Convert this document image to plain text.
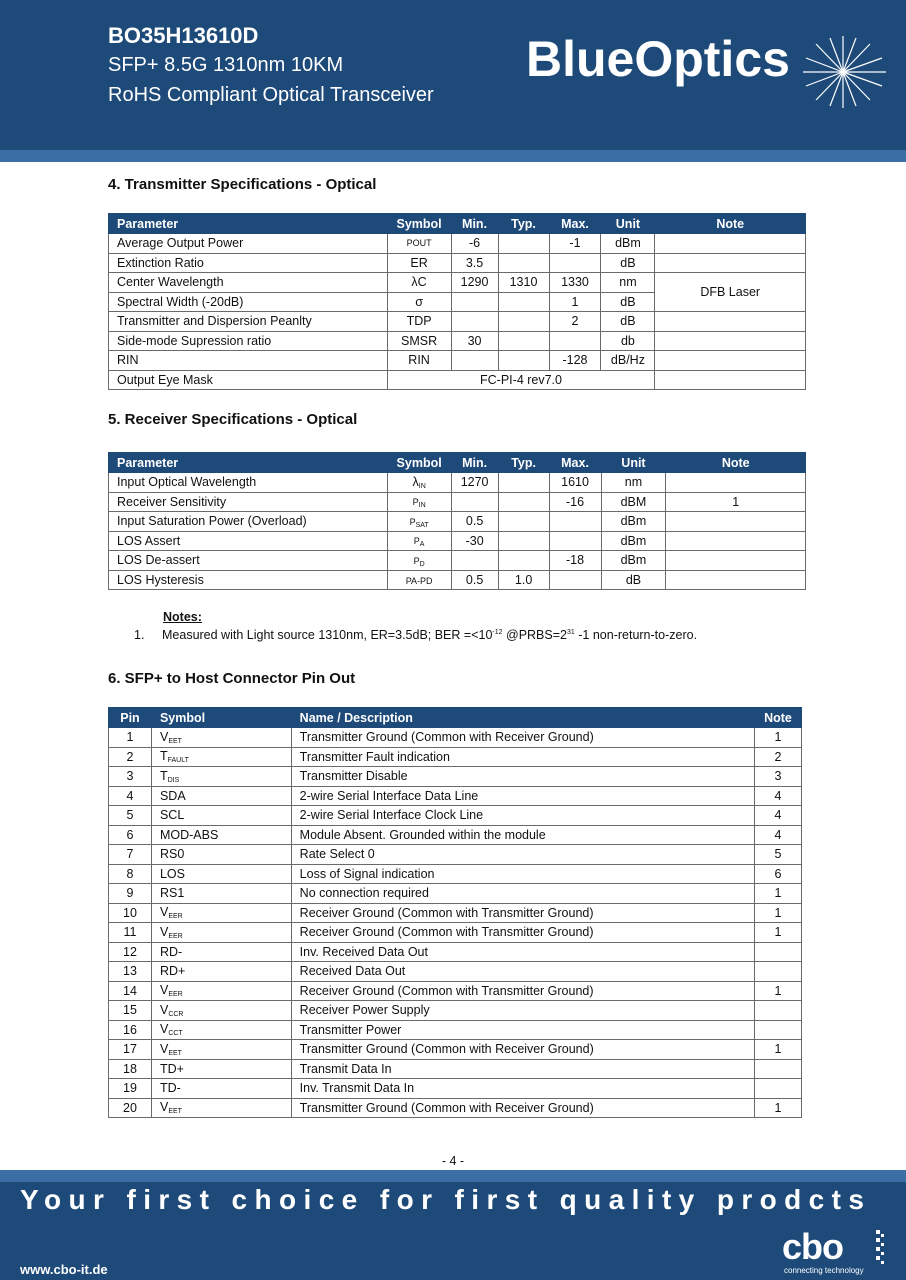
BO35H13610D
SFP+ 8.5G 1310nm 10KM
RoHS Compliant Optical Transceiver
BlueOptics
4. Transmitter Specifications - Optical
Parameter	Symbol	Min.	Typ.	Max.	Unit	Note
Average Output Power	POUT	-6		-1	dBm	
Extinction Ratio	ER	3.5			dB	
Center Wavelength	λC	1290	1310	1330	nm	DFB Laser
Spectral Width (-20dB)	σ			1	dB	
Transmitter and Dispersion Peanlty	TDP			2	dB	
Side-mode Supression ratio	SMSR	30			db	
RIN	RIN			-128	dB/Hz	
Output Eye Mask	FC-PI-4 rev7.0					
5. Receiver Specifications - Optical
Parameter	Symbol	Min.	Typ.	Max.	Unit	Note
Input Optical Wavelength	$\lambda_{IN}$	1270		1610	nm	
Receiver Sensitivity	$P_{IN}$			-16	dBM	1
Input Saturation Power (Overload)	$P_{SAT}$	0.5			dBm	
LOS Assert	$P_A$	-30			dBm	
LOS De-assert	$P_D$			-18	dBm	
LOS Hysteresis	PA-PD	0.5	1.0		dB	
Notes:
1. Measured with Light source 1310nm, ER=3.5dB; BER $=<10^{-12}$ $@PRBS=2^{31}$ -1 non-return-to-zero.
6. SFP+ to Host Connector Pin Out
Pin	Symbol	Name / Description	Note
1	$V_{EET}$	Transmitter Ground (Common with Receiver Ground)	1
2	$T_{FAULT}$	Transmitter Fault indication	2
3	$T_{DIS}$	Transmitter Disable	3
4	SDA	2-wire Serial Interface Data Line	4
5	SCL	2-wire Serial Interface Clock Line	4
6	MOD-ABS	Module Absent. Grounded within the module	4
7	RS0	Rate Select 0	5
8	LOS	Loss of Signal indication	6
9	RS1	No connection required	1
10	$V_{EER}$	Receiver Ground (Common with Transmitter Ground)	1
11	$V_{EER}$	Receiver Ground (Common with Transmitter Ground)	1
12	RD-	Inv. Received Data Out	
13	RD+	Received Data Out	
14	$V_{EER}$	Receiver Ground (Common with Transmitter Ground)	1
15	$V_{CCR}$	Receiver Power Supply	
16	$V_{CCT}$	Transmitter Power	
17	$V_{EET}$	Transmitter Ground (Common with Receiver Ground)	1
18	TD+	Transmit Data In	
19	TD-	Inv. Transmit Data In	
20	$V_{EET}$	Transmitter Ground (Common with Receiver Ground)	1
- 4 -
Your first choice for first quality prodcts
www.cbo-it.de
cbo
connecting technology
